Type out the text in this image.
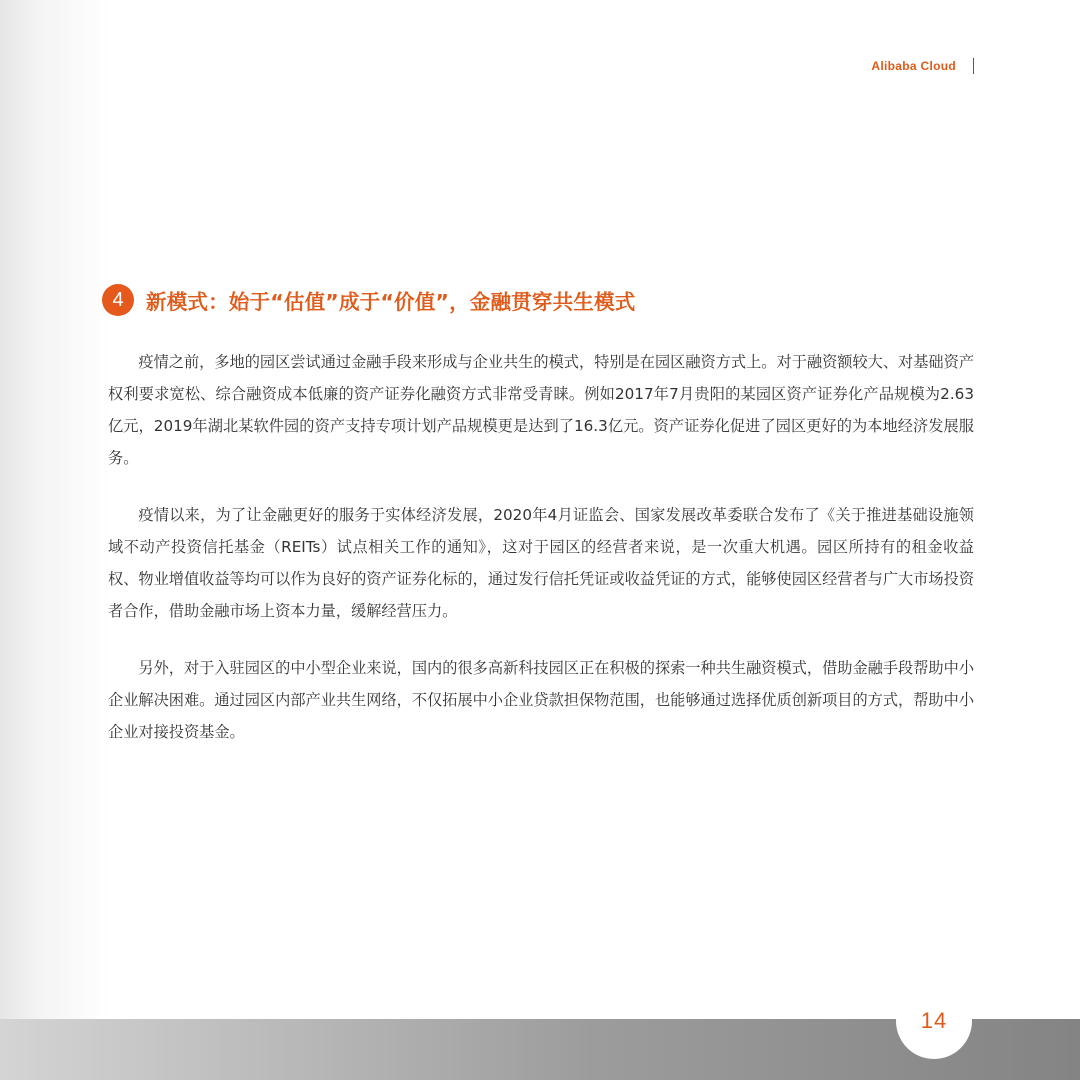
Alibaba Cloud
4	新模式：始于“估值”成于“价值”，金融贯穿共生模式

疫情之前，多地的园区尝试通过金融手段来形成与企业共生的模式，特别是在园区融资方式上。对于融资额较大、对基础资产权利要求宽松、综合融资成本低廉的资产证券化融资方式非常受青睐。例如2017年7月贵阳的某园区资产证券化产品规模为2.63亿元，2019年湖北某软件园的资产支持专项计划产品规模更是达到了16.3亿元。资产证券化促进了园区更好的为本地经济发展服务。

疫情以来，为了让金融更好的服务于实体经济发展，2020年4月证监会、国家发展改革委联合发布了《关于推进基础设施领域不动产投资信托基金（REITs）试点相关工作的通知》，这对于园区的经营者来说，是一次重大机遇。园区所持有的租金收益权、物业增值收益等均可以作为良好的资产证券化标的，通过发行信托凭证或收益凭证的方式，能够使园区经营者与广大市场投资者合作，借助金融市场上资本力量，缓解经营压力。

另外，对于入驻园区的中小型企业来说，国内的很多高新科技园区正在积极的探索一种共生融资模式，借助金融手段帮助中小企业解决困难。通过园区内部产业共生网络，不仅拓展中小企业贷款担保物范围，也能够通过选择优质创新项目的方式，帮助中小企业对接投资基金。

14
